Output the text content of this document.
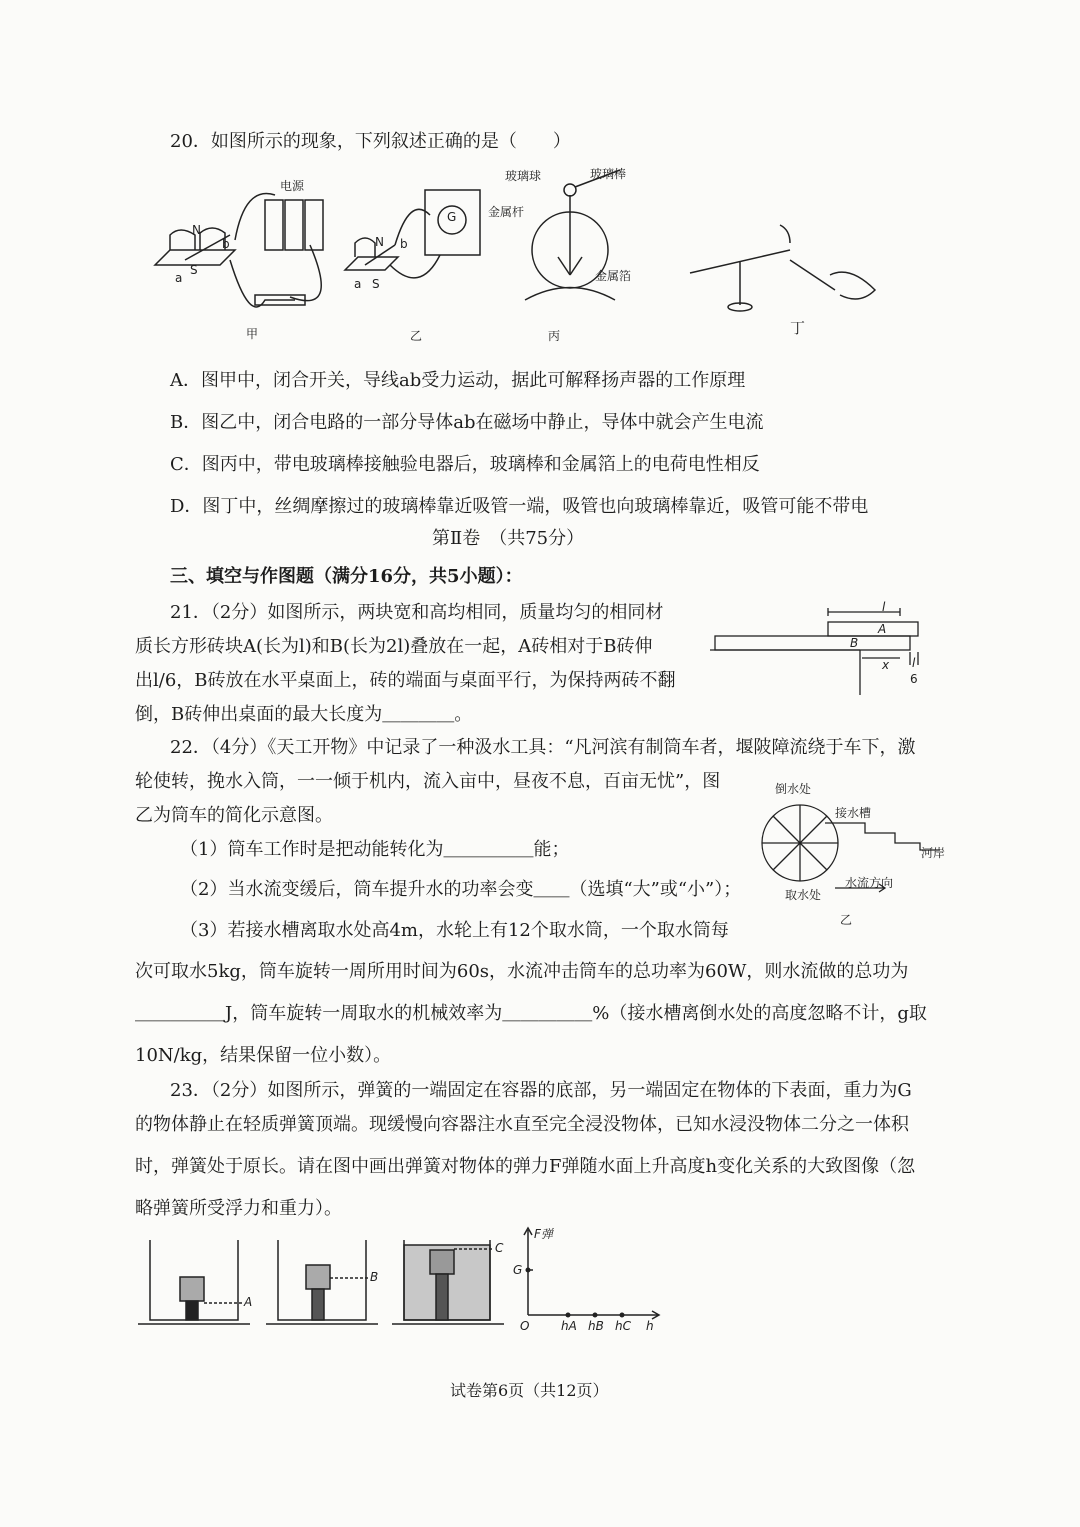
20．如图所示的现象，下列叙述正确的是（　　）
电源
N
S
a
b
甲
N
S
a
b
G
乙
玻璃球	玻璃棒
金属杆
金属箔
丙	丁
A．图甲中，闭合开关，导线ab受力运动，据此可解释扬声器的工作原理
B．图乙中，闭合电路的一部分导体ab在磁场中静止，导体中就会产生电流
C．图丙中，带电玻璃棒接触验电器后，玻璃棒和金属箔上的电荷电性相反
D．图丁中，丝绸摩擦过的玻璃棒靠近吸管一端，吸管也向玻璃棒靠近，吸管可能不带电
第Ⅱ卷　（共75分）
三、填空与作图题（满分16分，共5小题）：
21．（2分）如图所示，两块宽和高均相同，质量均匀的相同材
质长方形砖块A(长为l)和B(长为2l)叠放在一起，A砖相对于B砖伸
出l/6，B砖放在水平桌面上，砖的端面与桌面平行，为保持两砖不翻
倒，B砖伸出桌面的最大长度为＿＿＿＿。
l
A
B
x l
6
22．（4分）《天工开物》中记录了一种汲水工具：“凡河滨有制筒车者，堰陂障流绕于车下，激
轮使转，挽水入筒，一一倾于机内，流入亩中，昼夜不息，百亩无忧”，图
乙为筒车的简化示意图。
（1）筒车工作时是把动能转化为＿＿＿＿＿能；
（2）当水流变缓后，筒车提升水的功率会变＿＿（选填“大”或“小”）；
（3）若接水槽离取水处高4m，水轮上有12个取水筒，一个取水筒每
次可取水5kg，筒车旋转一周所用时间为60s，水流冲击筒车的总功率为60W，则水流做的总功为
＿＿＿＿＿J，筒车旋转一周取水的机械效率为＿＿＿＿＿%（接水槽离倒水处的高度忽略不计，g取
10N/kg，结果保留一位小数）。
倒水处
接水槽
河岸
取水处
水流方向
乙
23．（2分）如图所示，弹簧的一端固定在容器的底部，另一端固定在物体的下表面，重力为G
的物体静止在轻质弹簧顶端。现缓慢向容器注水直至完全浸没物体，已知水浸没物体二分之一体积
时，弹簧处于原长。请在图中画出弹簧对物体的弹力F弹随水面上升高度h变化关系的大致图像（忽
略弹簧所受浮力和重力）。
A
B
C
F弹
G
O	hA hB hC h
试卷第6页（共12页）
